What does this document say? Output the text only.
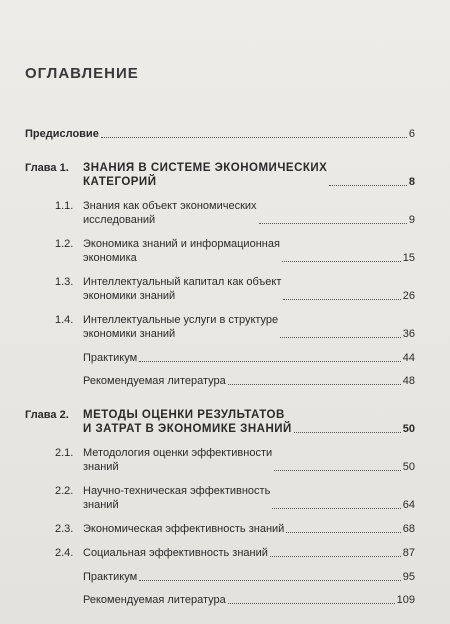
ОГЛАВЛЕНИЕ
Предисловие	6
Глава 1. ЗНАНИЯ В СИСТЕМЕ ЭКОНОМИЧЕСКИХ
КАТЕГОРИЙ	8
1.1. Знания как объект экономических
исследований	9
1.2. Экономика знаний и информационная
экономика	15
1.3. Интеллектуальный капитал как объект
экономики знаний	26
1.4. Интеллектуальные услуги в структуре
экономики знаний	36
Практикум	44
Рекомендуемая литература	48
Глава 2. МЕТОДЫ ОЦЕНКИ РЕЗУЛЬТАТОВ
И ЗАТРАТ В ЭКОНОМИКЕ ЗНАНИЙ	50
2.1. Методология оценки эффективности
знаний	50
2.2. Научно-техническая эффективность
знаний	64
2.3. Экономическая эффективность знаний	68
2.4. Социальная эффективность знаний	87
Практикум	95
Рекомендуемая литература	109
